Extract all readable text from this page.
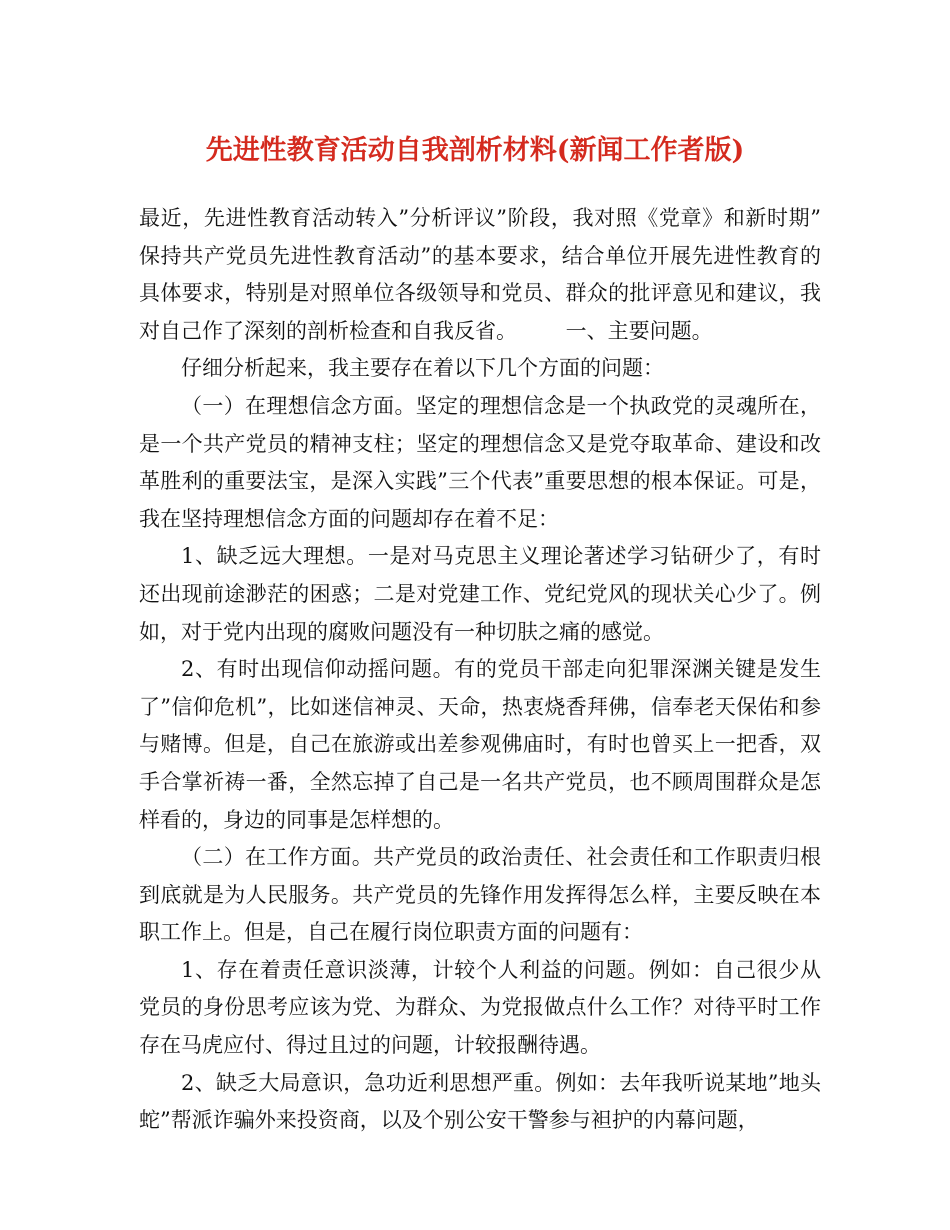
先进性教育活动自我剖析材料(新闻工作者版)

最近，先进性教育活动转入”分析评议”阶段，我对照《党章》和新时期”保持共产党员先进性教育活动”的基本要求，结合单位开展先进性教育的具体要求，特别是对照单位各级领导和党员、群众的批评意见和建议，我对自己作了深刻的剖析检查和自我反省。 　　一、主要问题。

仔细分析起来，我主要存在着以下几个方面的问题：

（一）在理想信念方面。坚定的理想信念是一个执政党的灵魂所在，是一个共产党员的精神支柱；坚定的理想信念又是党夺取革命、建设和改革胜利的重要法宝，是深入实践”三个代表”重要思想的根本保证。可是，我在坚持理想信念方面的问题却存在着不足：

1、缺乏远大理想。一是对马克思主义理论著述学习钻研少了，有时还出现前途渺茫的困惑；二是对党建工作、党纪党风的现状关心少了。例如，对于党内出现的腐败问题没有一种切肤之痛的感觉。

2、有时出现信仰动摇问题。有的党员干部走向犯罪深渊关键是发生了”信仰危机”，比如迷信神灵、天命，热衷烧香拜佛，信奉老天保佑和参与赌博。但是，自己在旅游或出差参观佛庙时，有时也曾买上一把香，双手合掌祈祷一番，全然忘掉了自己是一名共产党员，也不顾周围群众是怎样看的，身边的同事是怎样想的。

（二）在工作方面。共产党员的政治责任、社会责任和工作职责归根到底就是为人民服务。共产党员的先锋作用发挥得怎么样，主要反映在本职工作上。但是，自己在履行岗位职责方面的问题有：

1、存在着责任意识淡薄，计较个人利益的问题。例如：自己很少从党员的身份思考应该为党、为群众、为党报做点什么工作？对待平时工作存在马虎应付、得过且过的问题，计较报酬待遇。

2、缺乏大局意识，急功近利思想严重。例如：去年我听说某地”地头蛇”帮派诈骗外来投资商，以及个别公安干警参与袒护的内幕问题，
